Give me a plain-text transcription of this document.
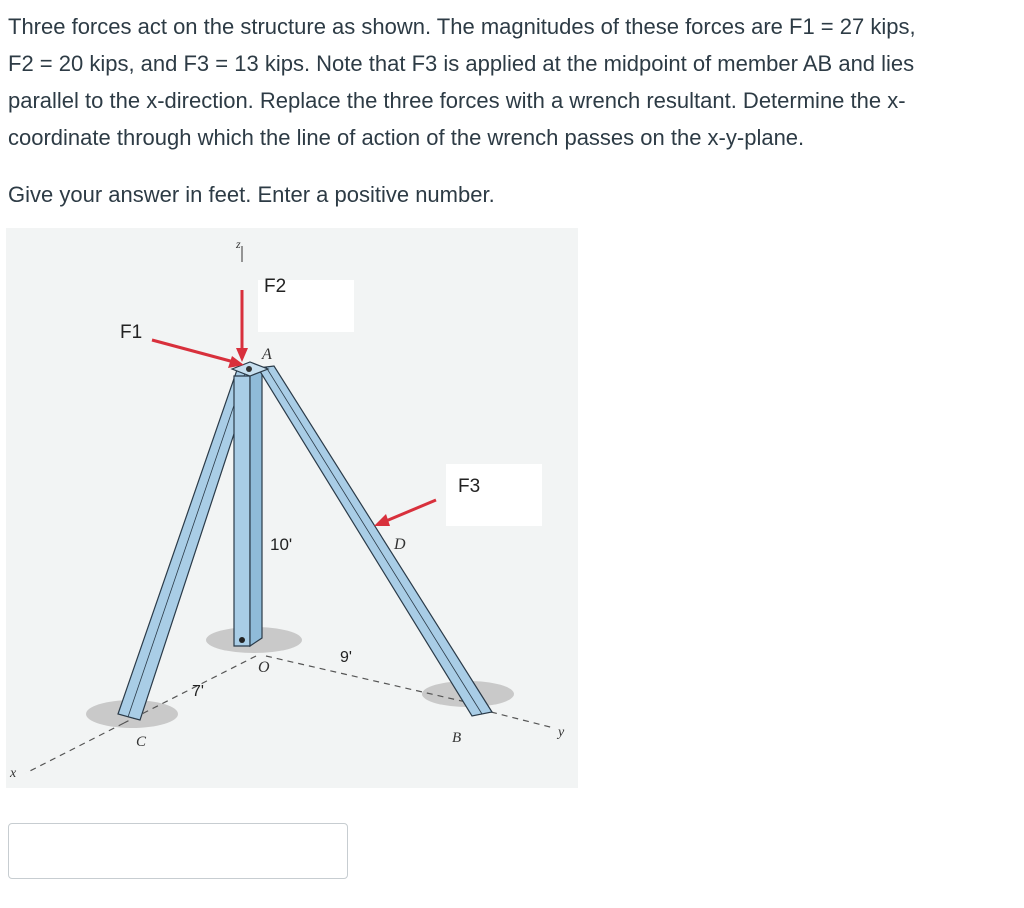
Three forces act on the structure as shown. The magnitudes of these forces are F1 = 27 kips,
F2 = 20 kips, and F3 = 13 kips. Note that F3 is applied at the midpoint of member AB and lies
parallel to the x-direction. Replace the three forces with a wrench resultant. Determine the x-
coordinate through which the line of action of the wrench passes on the x-y-plane.

Give your answer in feet. Enter a positive number.

z
F2
F1
A
F3
D
10'
9'
O
7'
C	B	y
x
